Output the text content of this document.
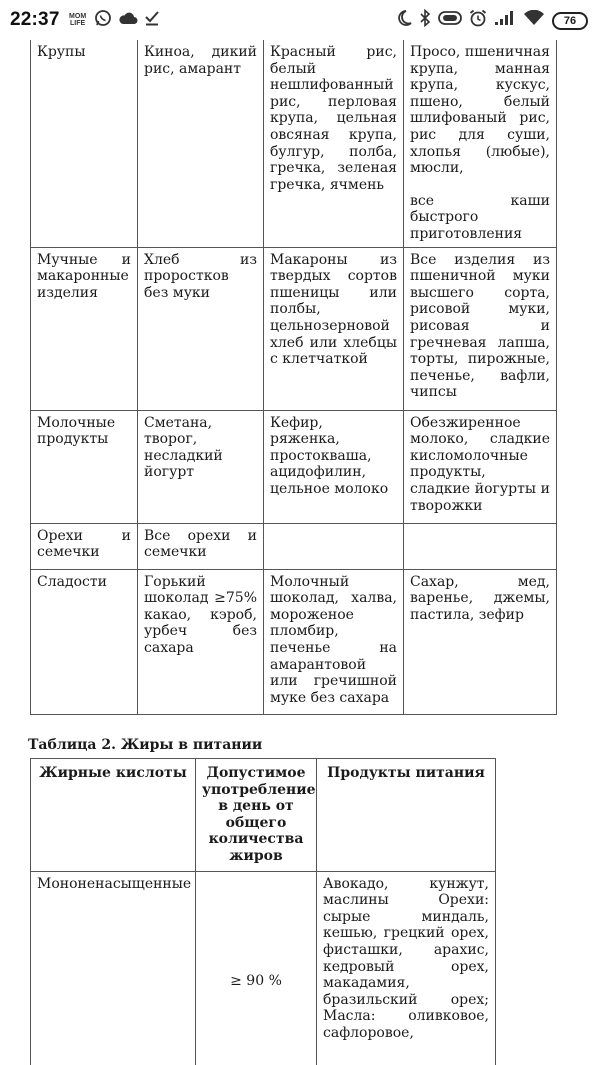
22:37 MOM LIFE	76
Крупы	Киноа, дикий рис, амарант	Красный рис, белый нешлифованный рис, перловая крупа, цельная овсяная крупа, булгур, полба, гречка, зеленая гречка, ячмень	Просо, пшеничная крупа, манная крупа, кускус, пшено, белый шлифованый рис, рис для суши, хлопья (любые), мюсли,
все каши быстрого приготовления

Мучные и макаронные изделия	Хлеб из проростков без муки	Макароны из твердых сортов пшеницы или полбы, цельнозерновой хлеб или хлебцы с клетчаткой	Все изделия из пшеничной муки высшего сорта, рисовой муки, рисовая и гречневая лапша, торты, пирожные, печенье, вафли, чипсы
Молочные продукты	Сметана, творог, несладкий йогурт	Кефир, ряженка, простокваша, ацидофилин, цельное молоко	Обезжиренное молоко, сладкие кисломолочные продукты, сладкие йогурты и творожки
Орехи и семечки	Все орехи и семечки		
Сладости	Горький шоколад ≥75% какао, кэроб, урбеч без сахара	Молочный шоколад, халва, мороженое пломбир, печенье на амарантовой или гречишной муке без сахара	Сахар, мед, варенье, джемы, пастила, зефир
Таблица 2. Жиры в питании
Жирные кислоты	Допустимое употребление в день от общего количества жиров	Продукты питания
Мононенасыщенные	≥ 90 %	Авокадо, кунжут, маслины Орехи: сырые миндаль, кешью, грецкий орех, фисташки, арахис, кедровый орех, макадамия, бразильский орех; Масла: оливковое, сафлоровое,
